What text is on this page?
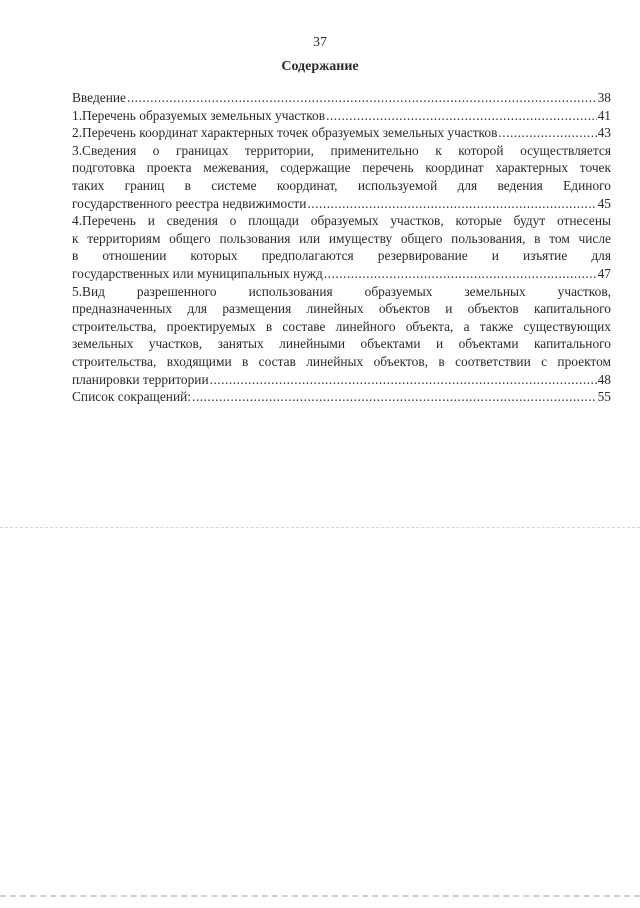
37
Содержание
Введение .....	38
1.Перечень образуемых земельных участков .....	41
2.Перечень координат характерных точек образуемых земельных участков .....	43
3.Сведения о границах территории, применительно к которой осуществляется
подготовка проекта межевания, содержащие перечень координат характерных точек
таких границ в системе координат, используемой для ведения Единого
государственного реестра недвижимости .....	45
4.Перечень и сведения о площади образуемых участков, которые будут отнесены
к территориям общего пользования или имуществу общего пользования, в том числе
в отношении которых предполагаются резервирование и изъятие для
государственных или муниципальных нужд .....	47
5.Вид разрешенного использования образуемых земельных участков,
предназначенных для размещения линейных объектов и объектов капитального
строительства, проектируемых в составе линейного объекта, а также существующих
земельных участков, занятых линейными объектами и объектами капитального
строительства, входящими в состав линейных объектов, в соответствии с проектом
планировки территории .....	48
Список сокращений: .....	55
